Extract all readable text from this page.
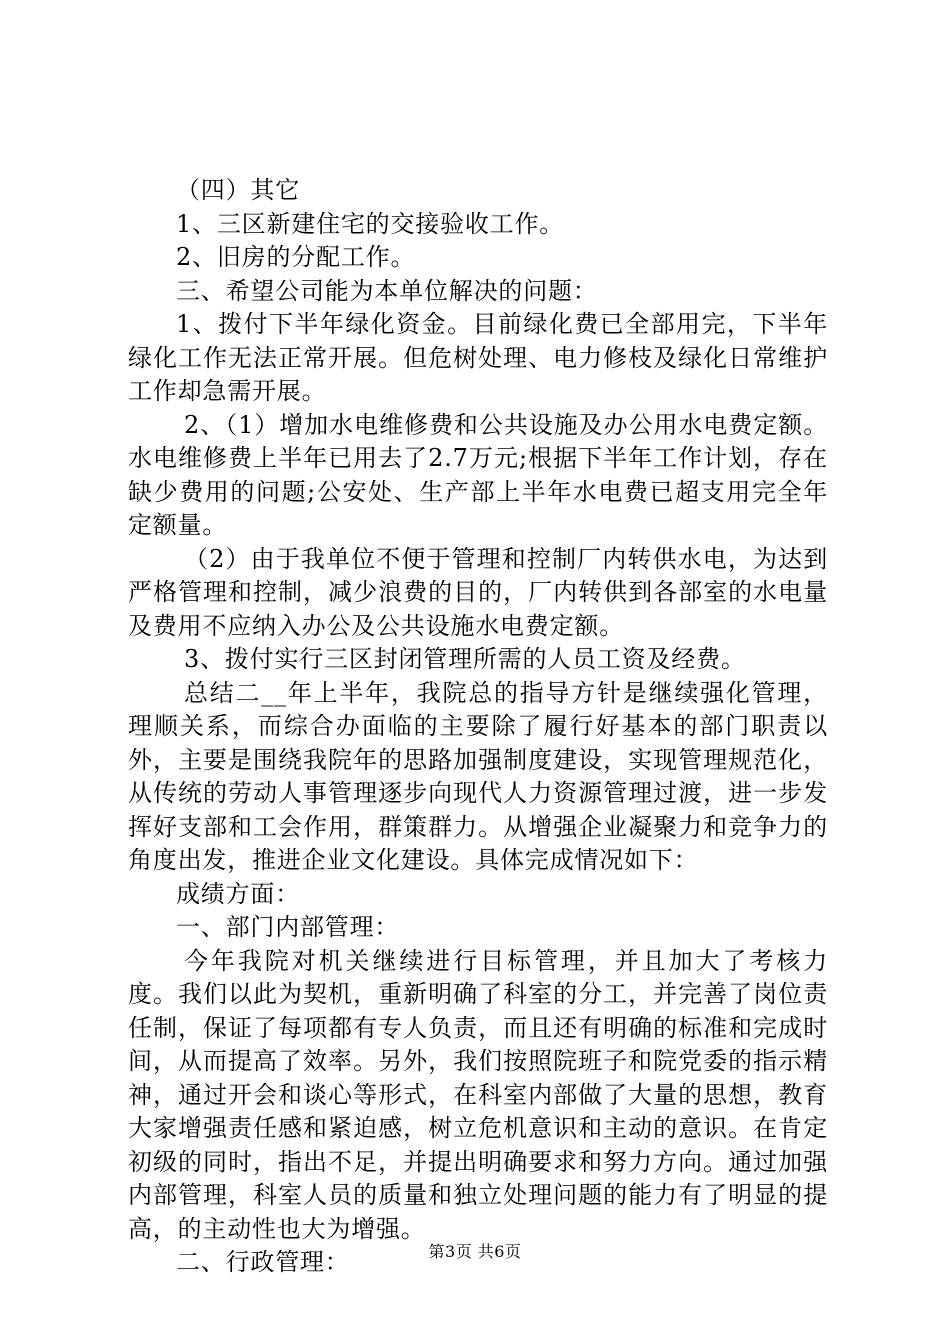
（四）其它

1、三区新建住宅的交接验收工作。

2、旧房的分配工作。

三、希望公司能为本单位解决的问题：

1、拨付下半年绿化资金。目前绿化费已全部用完，下半年绿化工作无法正常开展。但危树处理、电力修枝及绿化日常维护工作却急需开展。

2、（1）增加水电维修费和公共设施及办公用水电费定额。水电维修费上半年已用去了2.7万元;根据下半年工作计划，存在缺少费用的问题;公安处、生产部上半年水电费已超支用完全年定额量。

（2）由于我单位不便于管理和控制厂内转供水电，为达到严格管理和控制，减少浪费的目的，厂内转供到各部室的水电量及费用不应纳入办公及公共设施水电费定额。

3、拨付实行三区封闭管理所需的人员工资及经费。

总结二__年上半年，我院总的指导方针是继续强化管理，理顺关系，而综合办面临的主要除了履行好基本的部门职责以外，主要是围绕我院年的思路加强制度建设，实现管理规范化，从传统的劳动人事管理逐步向现代人力资源管理过渡，进一步发挥好支部和工会作用，群策群力。从增强企业凝聚力和竞争力的角度出发，推进企业文化建设。具体完成情况如下：

成绩方面：

一、部门内部管理：

今年我院对机关继续进行目标管理，并且加大了考核力度。我们以此为契机，重新明确了科室的分工，并完善了岗位责任制，保证了每项都有专人负责，而且还有明确的标准和完成时间，从而提高了效率。另外，我们按照院班子和院党委的指示精神，通过开会和谈心等形式，在科室内部做了大量的思想，教育大家增强责任感和紧迫感，树立危机意识和主动的意识。在肯定初级的同时，指出不足，并提出明确要求和努力方向。通过加强内部管理，科室人员的质量和独立处理问题的能力有了明显的提高，的主动性也大为增强。

二、行政管理：	第3页 共6页
